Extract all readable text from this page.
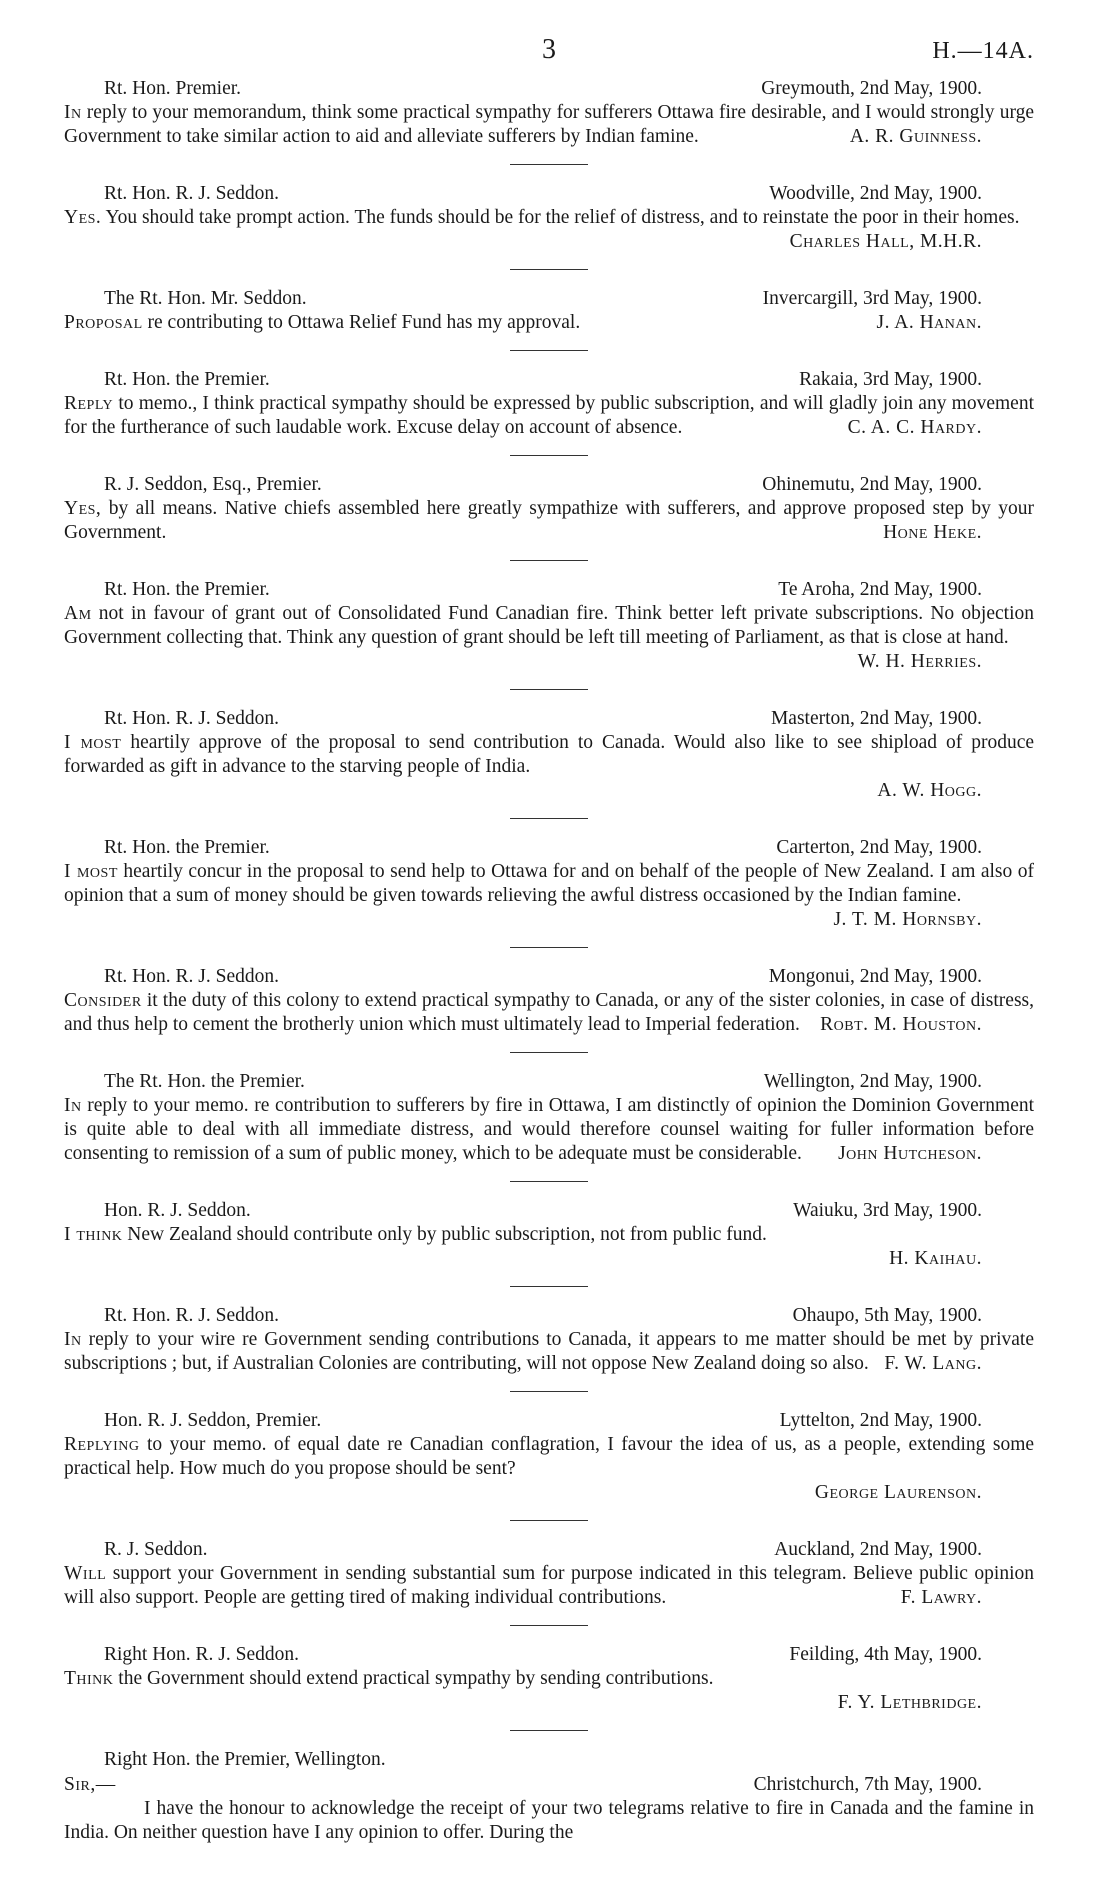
3	H.—14A.
Rt. Hon. Premier.	Greymouth, 2nd May, 1900.

In reply to your memorandum, think some practical sympathy for sufferers Ottawa fire desirable, and I would strongly urge Government to take similar action to aid and alleviate sufferers by Indian famine.	A. R. Guinness.

Rt. Hon. R. J. Seddon.	Woodville, 2nd May, 1900.

Yes. You should take prompt action. The funds should be for the relief of distress, and to reinstate the poor in their homes.
Charles Hall, M.H.R.

The Rt. Hon. Mr. Seddon.	Invercargill, 3rd May, 1900.

Proposal re contributing to Ottawa Relief Fund has my approval.	J. A. Hanan.

Rt. Hon. the Premier.	Rakaia, 3rd May, 1900.

Reply to memo., I think practical sympathy should be expressed by public subscription, and will gladly join any movement for the furtherance of such laudable work. Excuse delay on account of absence.	C. A. C. Hardy.

R. J. Seddon, Esq., Premier.	Ohinemutu, 2nd May, 1900.

Yes, by all means. Native chiefs assembled here greatly sympathize with sufferers, and approve proposed step by your Government.	Hone Heke.

Rt. Hon. the Premier.	Te Aroha, 2nd May, 1900.

Am not in favour of grant out of Consolidated Fund Canadian fire. Think better left private subscriptions. No objection Government collecting that. Think any question of grant should be left till meeting of Parliament, as that is close at hand.
W. H. Herries.

Rt. Hon. R. J. Seddon.	Masterton, 2nd May, 1900.

I most heartily approve of the proposal to send contribution to Canada. Would also like to see shipload of produce forwarded as gift in advance to the starving people of India.

A. W. Hogg.
Rt. Hon. the Premier.	Carterton, 2nd May, 1900.

I most heartily concur in the proposal to send help to Ottawa for and on behalf of the people of New Zealand. I am also of opinion that a sum of money should be given towards relieving the awful distress occasioned by the Indian famine.
J. T. M. Hornsby.

Rt. Hon. R. J. Seddon.	Mongonui, 2nd May, 1900.

Consider it the duty of this colony to extend practical sympathy to Canada, or any of the sister colonies, in case of distress, and thus help to cement the brotherly union which must ultimately lead to Imperial federation. Robt. M. Houston.

The Rt. Hon. the Premier.	Wellington, 2nd May, 1900.

In reply to your memo. re contribution to sufferers by fire in Ottawa, I am distinctly of opinion the Dominion Government is quite able to deal with all immediate distress, and would therefore counsel waiting for fuller information before consenting to remission of a sum of public money, which to be adequate must be considerable. John Hutcheson.

Hon. R. J. Seddon.	Waiuku, 3rd May, 1900.

I think New Zealand should contribute only by public subscription, not from public fund.

H. Kaihau.
Rt. Hon. R. J. Seddon.	Ohaupo, 5th May, 1900.

In reply to your wire re Government sending contributions to Canada, it appears to me matter should be met by private subscriptions ; but, if Australian Colonies are contributing, will not oppose New Zealand doing so also. F. W. Lang.

Hon. R. J. Seddon, Premier.	Lyttelton, 2nd May, 1900.

Replying to your memo. of equal date re Canadian conflagration, I favour the idea of us, as a people, extending some practical help. How much do you propose should be sent?

George Laurenson.
R. J. Seddon.	Auckland, 2nd May, 1900.

Will support your Government in sending substantial sum for purpose indicated in this telegram. Believe public opinion will also support. People are getting tired of making individual contributions.	F. Lawry.

Right Hon. R. J. Seddon.	Feilding, 4th May, 1900.

Think the Government should extend practical sympathy by sending contributions.

F. Y. Lethbridge.
Right Hon. the Premier, Wellington.
Sir,—	Christchurch, 7th May, 1900.

I have the honour to acknowledge the receipt of your two telegrams relative to fire in Canada and the famine in India. On neither question have I any opinion to offer. During the
